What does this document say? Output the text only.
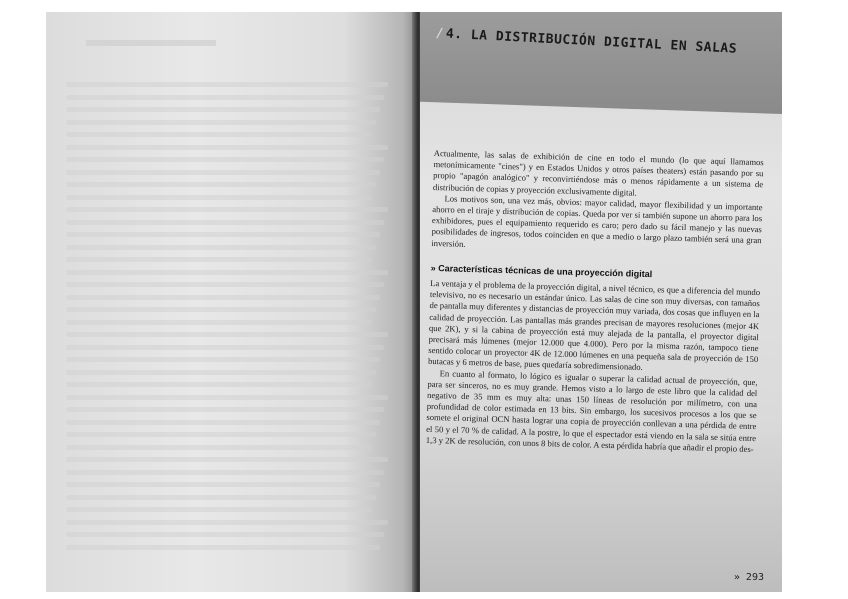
/4. LA DISTRIBUCIÓN DIGITAL EN SALAS

Actualmente, las salas de exhibición de cine en todo el mundo (lo que aquí llamamos metonímicamente "cines") y en Estados Unidos y otros países theaters) están pasando por su propio "apagón analógico" y reconvirtiéndose más o menos rápidamente a un sistema de distribución de copias y proyección exclusivamente digital.

Los motivos son, una vez más, obvios: mayor calidad, mayor flexibilidad y un importante ahorro en el tiraje y distribución de copias. Queda por ver si también supone un ahorro para los exhibidores, pues el equipamiento requerido es caro; pero dado su fácil manejo y las nuevas posibilidades de ingresos, todos coinciden en que a medio o largo plazo también será una gran inversión.

» Características técnicas de una proyección digital

La ventaja y el problema de la proyección digital, a nivel técnico, es que a diferencia del mundo televisivo, no es necesario un estándar único. Las salas de cine son muy diversas, con tamaños de pantalla muy diferentes y distancias de proyección muy variada, dos cosas que influyen en la calidad de proyección. Las pantallas más grandes precisan de mayores resoluciones (mejor 4K que 2K), y si la cabina de proyección está muy alejada de la pantalla, el proyector digital precisará más lúmenes (mejor 12.000 que 4.000). Pero por la misma razón, tampoco tiene sentido colocar un proyector 4K de 12.000 lúmenes en una pequeña sala de proyección de 150 butacas y 6 metros de base, pues quedaría sobredimensionado.

En cuanto al formato, lo lógico es igualar o superar la calidad actual de proyección, que, para ser sinceros, no es muy grande. Hemos visto a lo largo de este libro que la calidad del negativo de 35 mm es muy alta: unas 150 líneas de resolución por milímetro, con una profundidad de color estimada en 13 bits. Sin embargo, los sucesivos procesos a los que se somete el original OCN hasta lograr una copia de proyección conllevan a una pérdida de entre el 50 y el 70 % de calidad. A la postre, lo que el espectador está viendo en la sala se sitúa entre 1,3 y 2K de resolución, con unos 8 bits de color. A esta pérdida habría que añadir el propio des-

» 293
